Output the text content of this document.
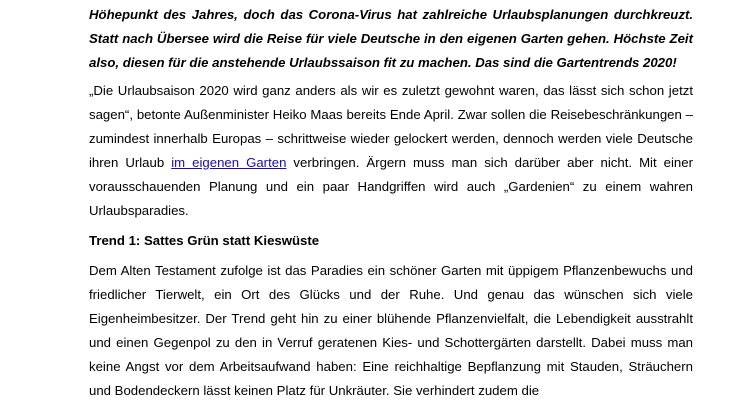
Höhepunkt des Jahres, doch das Corona-Virus hat zahlreiche Urlaubsplanungen durchkreuzt. Statt nach Übersee wird die Reise für viele Deutsche in den eigenen Garten gehen. Höchste Zeit also, diesen für die anstehende Urlaubssaison fit zu machen. Das sind die Gartentrends 2020!

„Die Urlaubsaison 2020 wird ganz anders als wir es zuletzt gewohnt waren, das lässt sich schon jetzt sagen“, betonte Außenminister Heiko Maas bereits Ende April. Zwar sollen die Reisebeschränkungen – zumindest innerhalb Europas – schrittweise wieder gelockert werden, dennoch werden viele Deutsche ihren Urlaub im eigenen Garten verbringen. Ärgern muss man sich darüber aber nicht. Mit einer vorausschauenden Planung und ein paar Handgriffen wird auch „Gardenien“ zu einem wahren Urlaubsparadies.

Trend 1: Sattes Grün statt Kieswüste

Dem Alten Testament zufolge ist das Paradies ein schöner Garten mit üppigem Pflanzenbewuchs und friedlicher Tierwelt, ein Ort des Glücks und der Ruhe. Und genau das wünschen sich viele Eigenheimbesitzer. Der Trend geht hin zu einer blühende Pflanzenvielfalt, die Lebendigkeit ausstrahlt und einen Gegenpol zu den in Verruf geratenen Kies- und Schottergärten darstellt. Dabei muss man keine Angst vor dem Arbeitsaufwand haben: Eine reichhaltige Bepflanzung mit Stauden, Sträuchern und Bodendeckern lässt keinen Platz für Unkräuter. Sie verhindert zudem die
